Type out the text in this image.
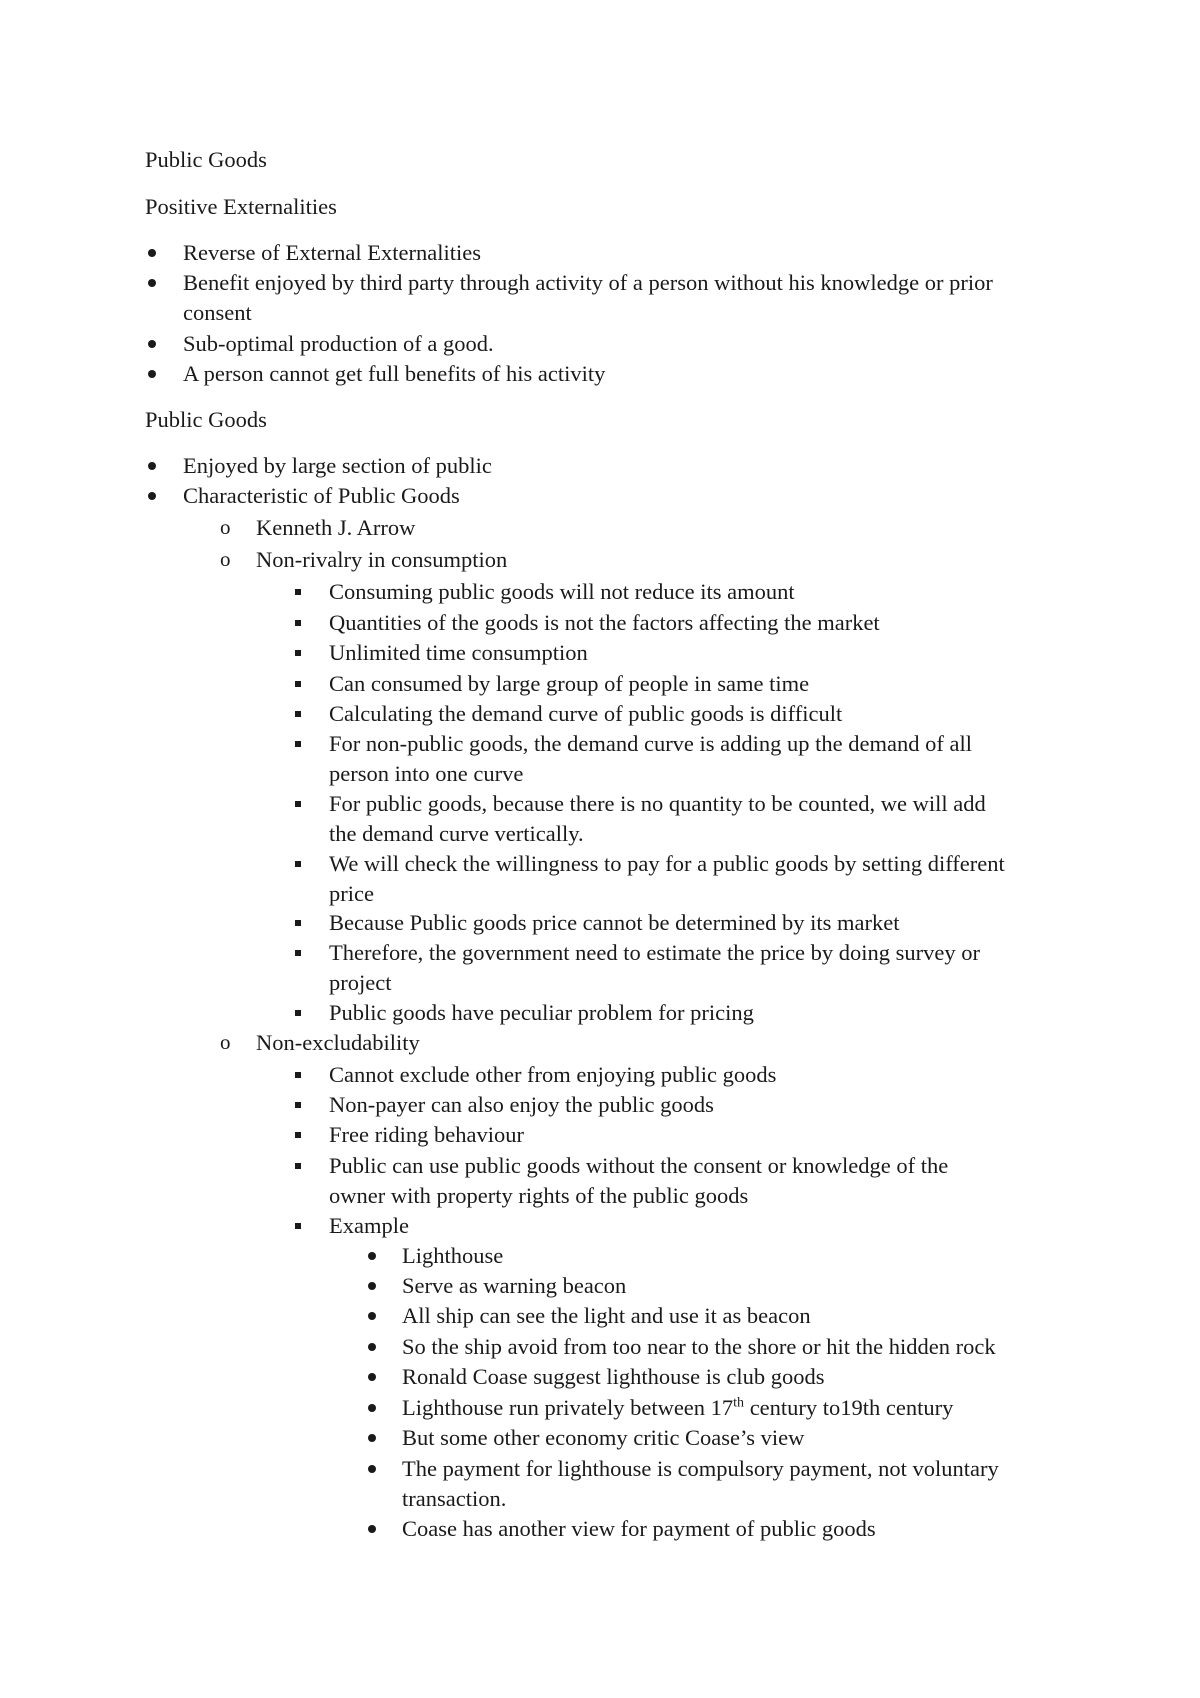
Public Goods
Positive Externalities
Reverse of External Externalities
Benefit enjoyed by third party through activity of a person without his knowledge or prior
consent
Sub-optimal production of a good.
A person cannot get full benefits of his activity
Public Goods
Enjoyed by large section of public
Characteristic of Public Goods
o Kenneth J. Arrow
o Non-rivalry in consumption
Consuming public goods will not reduce its amount
Quantities of the goods is not the factors affecting the market
Unlimited time consumption
Can consumed by large group of people in same time
Calculating the demand curve of public goods is difficult
For non-public goods, the demand curve is adding up the demand of all
person into one curve
For public goods, because there is no quantity to be counted, we will add
the demand curve vertically.
We will check the willingness to pay for a public goods by setting different
price
Because Public goods price cannot be determined by its market
Therefore, the government need to estimate the price by doing survey or
project
Public goods have peculiar problem for pricing
o Non-excludability
Cannot exclude other from enjoying public goods
Non-payer can also enjoy the public goods
Free riding behaviour
Public can use public goods without the consent or knowledge of the
owner with property rights of the public goods
Example
Lighthouse
Serve as warning beacon
All ship can see the light and use it as beacon
So the ship avoid from too near to the shore or hit the hidden rock
Ronald Coase suggest lighthouse is club goods
Lighthouse run privately between 17th century to19th century
But some other economy critic Coase’s view
The payment for lighthouse is compulsory payment, not voluntary
transaction.
Coase has another view for payment of public goods
